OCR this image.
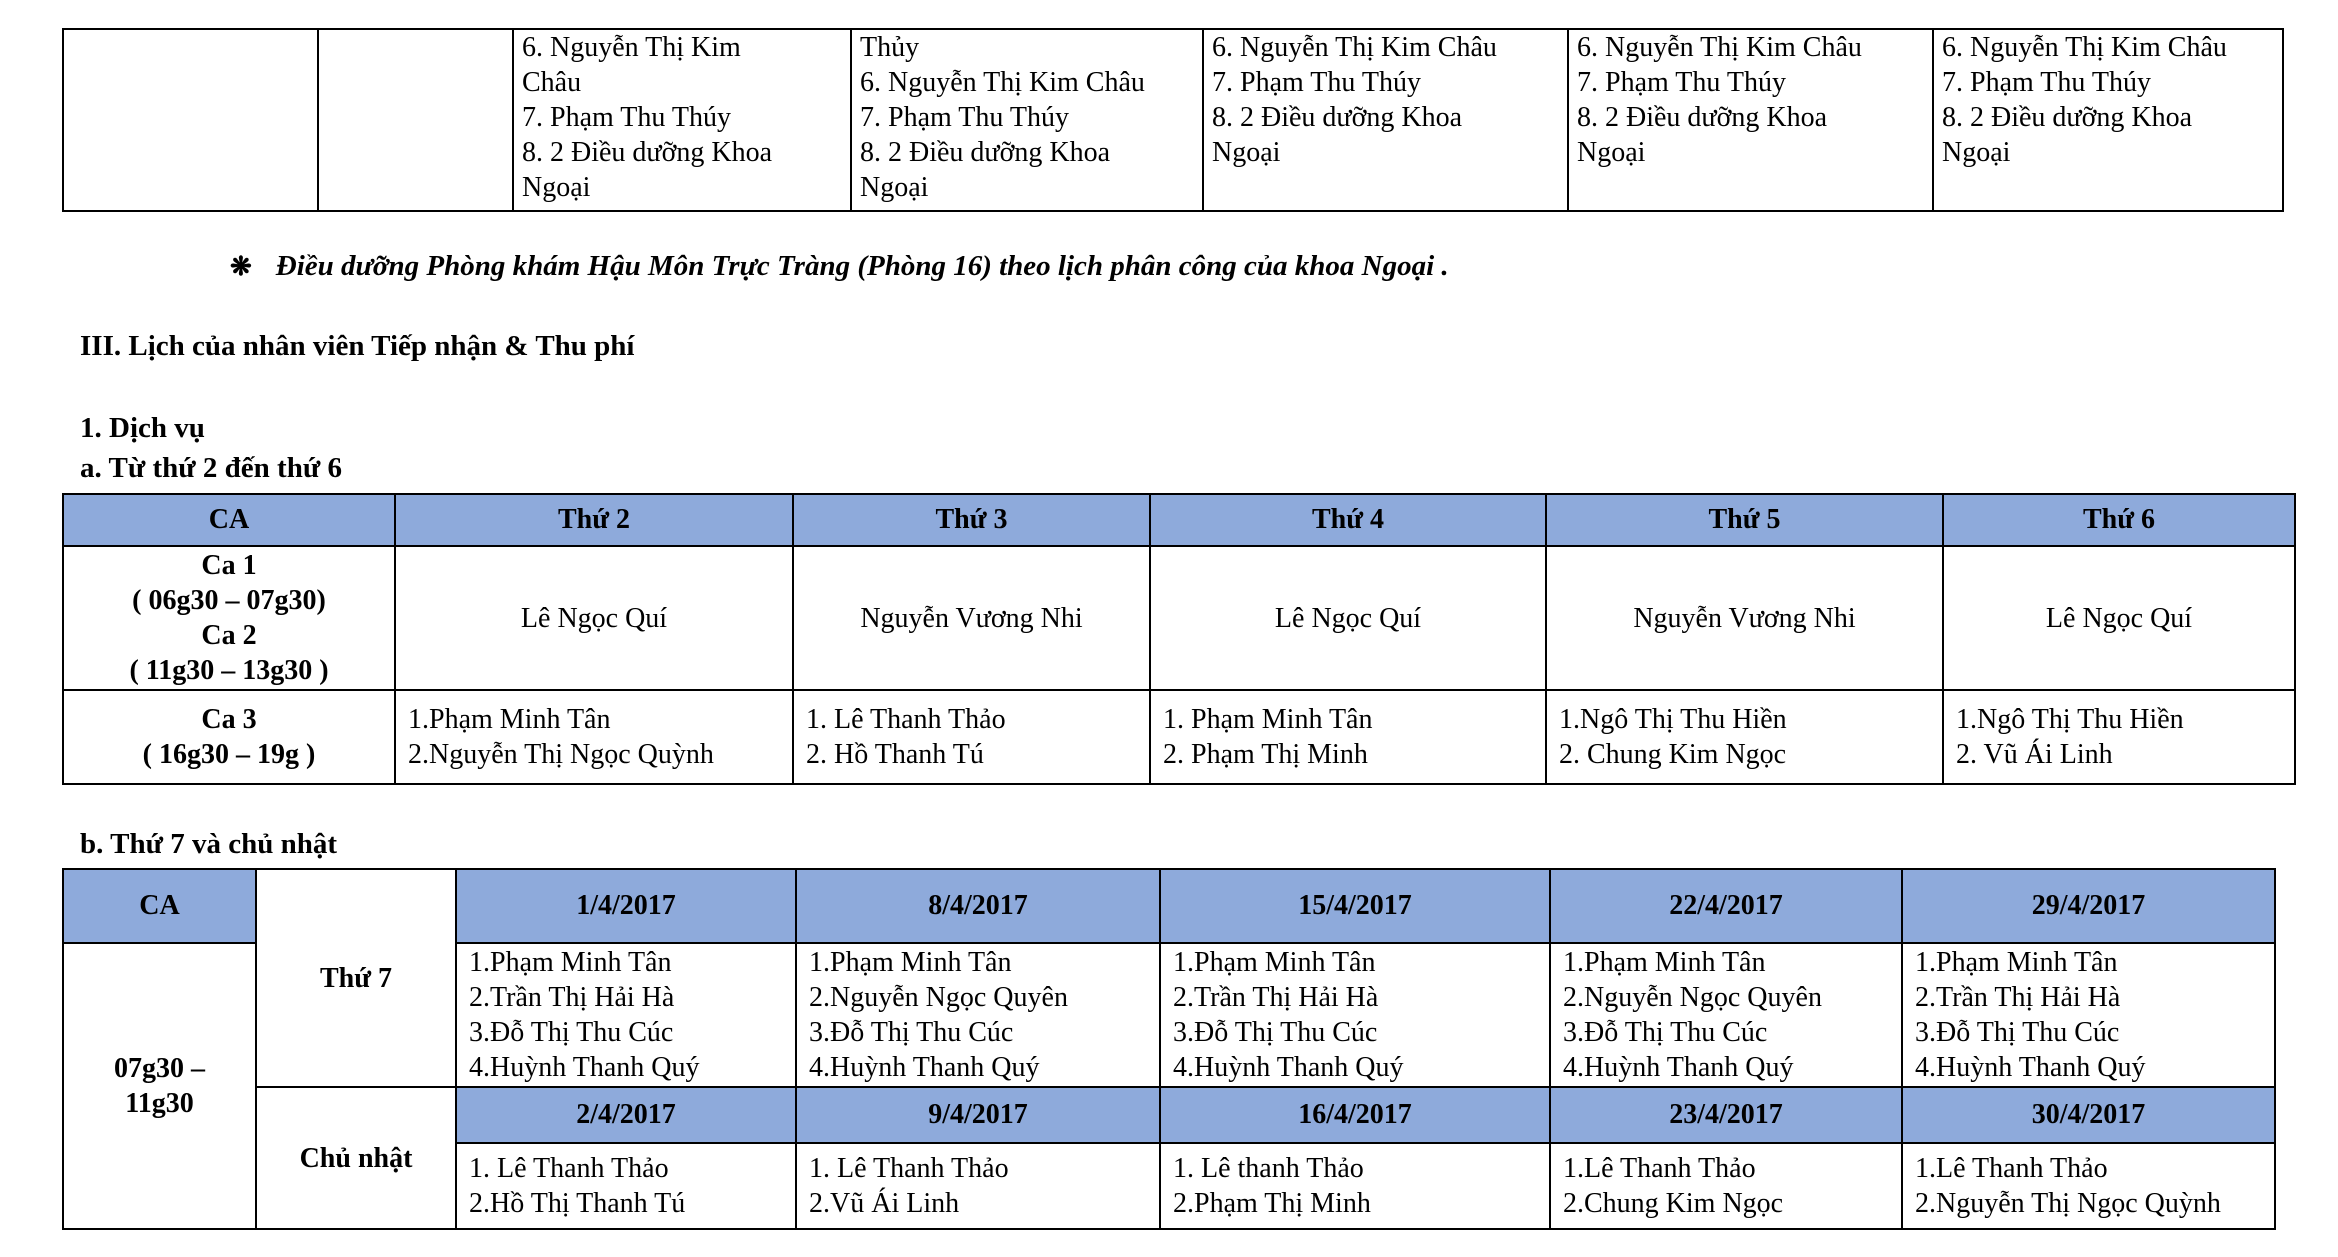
		6. Nguyễn Thị Kim
Châu
7. Phạm Thu Thúy
8. 2 Điều dưỡng Khoa
Ngoại	Thủy
6. Nguyễn Thị Kim Châu
7. Phạm Thu Thúy
8. 2 Điều dưỡng Khoa
Ngoại	6. Nguyễn Thị Kim Châu
7. Phạm Thu Thúy
8. 2 Điều dưỡng Khoa
Ngoại	6. Nguyễn Thị Kim Châu
7. Phạm Thu Thúy
8. 2 Điều dưỡng Khoa
Ngoại	6. Nguyễn Thị Kim Châu
7. Phạm Thu Thúy
8. 2 Điều dưỡng Khoa
Ngoại
❋ Điều dưỡng Phòng khám Hậu Môn Trực Tràng (Phòng 16) theo lịch phân công của khoa Ngoại .
III. Lịch của nhân viên Tiếp nhận & Thu phí
1. Dịch vụ
a. Từ thứ 2 đến thứ 6
CA	Thứ 2	Thứ 3	Thứ 4	Thứ 5	Thứ 6
Ca 1
( 06g30 – 07g30)
Ca 2
( 11g30 – 13g30 )	Lê Ngọc Quí	Nguyễn Vương Nhi	Lê Ngọc Quí	Nguyễn Vương Nhi	Lê Ngọc Quí
Ca 3
( 16g30 – 19g )	1.Phạm Minh Tân
2.Nguyễn Thị Ngọc Quỳnh	1. Lê Thanh Thảo
2. Hồ Thanh Tú	1. Phạm Minh Tân
2. Phạm Thị Minh	1.Ngô Thị Thu Hiền
2. Chung Kim Ngọc	1.Ngô Thị Thu Hiền
2. Vũ Ái Linh
b. Thứ 7 và chủ nhật
CA	Thứ 7	1/4/2017	8/4/2017	15/4/2017	22/4/2017	29/4/2017
07g30 –
11g30		1.Phạm Minh Tân
2.Trần Thị Hải Hà
3.Đỗ Thị Thu Cúc
4.Huỳnh Thanh Quý	1.Phạm Minh Tân
2.Nguyễn Ngọc Quyên
3.Đỗ Thị Thu Cúc
4.Huỳnh Thanh Quý	1.Phạm Minh Tân
2.Trần Thị Hải Hà
3.Đỗ Thị Thu Cúc
4.Huỳnh Thanh Quý	1.Phạm Minh Tân
2.Nguyễn Ngọc Quyên
3.Đỗ Thị Thu Cúc
4.Huỳnh Thanh Quý	1.Phạm Minh Tân
2.Trần Thị Hải Hà
3.Đỗ Thị Thu Cúc
4.Huỳnh Thanh Quý
	Chủ nhật	2/4/2017	9/4/2017	16/4/2017	23/4/2017	30/4/2017
		1. Lê Thanh Thảo
2.Hồ Thị Thanh Tú	1. Lê Thanh Thảo
2.Vũ Ái Linh	1. Lê thanh Thảo
2.Phạm Thị Minh	1.Lê Thanh Thảo
2.Chung Kim Ngọc	1.Lê Thanh Thảo
2.Nguyễn Thị Ngọc Quỳnh
